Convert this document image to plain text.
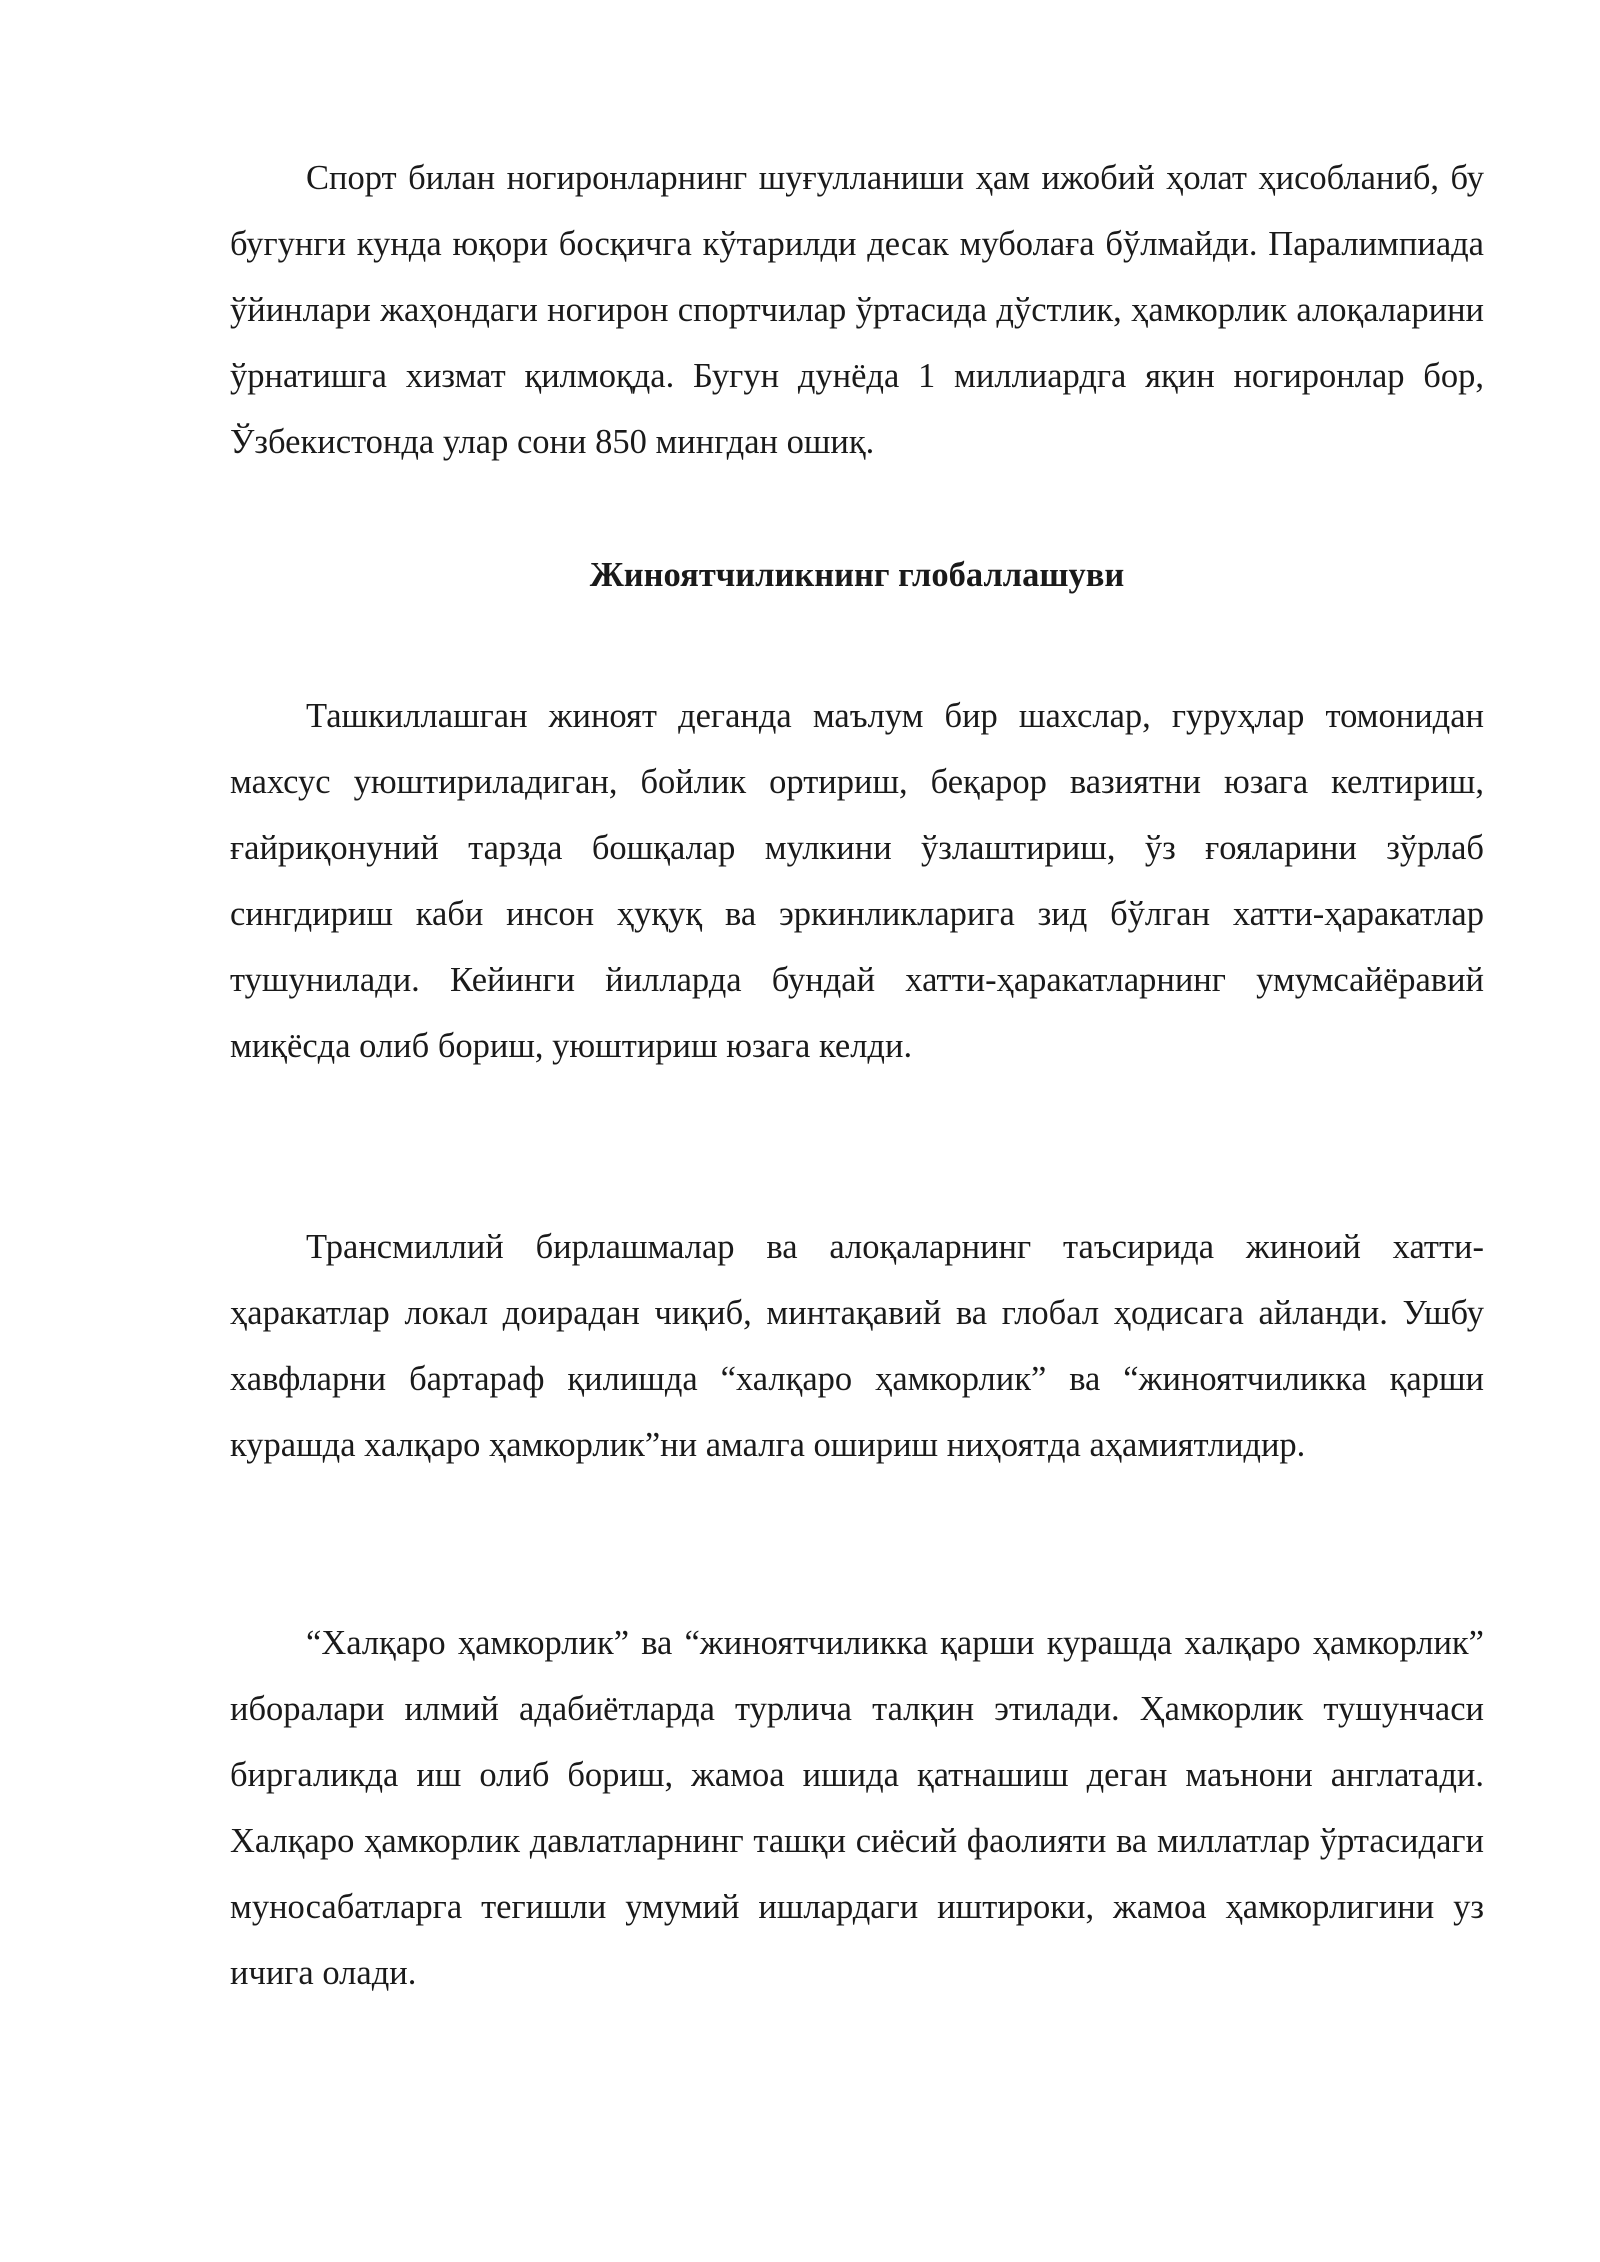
Спорт билан ногиронларнинг шуғулланиши ҳам ижобий ҳолат ҳисобланиб, бу бугунги кунда юқори босқичга кўтарилди десак муболаға бўлмайди. Паралимпиада ўйинлари жаҳондаги ногирон спортчилар ўртасида дўстлик, ҳамкорлик алоқаларини ўрнатишга хизмат қилмоқда. Бугун дунёда 1 миллиардга яқин ногиронлар бор, Ўзбекистонда улар сони 850 мингдан ошиқ.

Жиноятчиликнинг глобаллашуви

Ташкиллашган жиноят деганда маълум бир шахслар, гуруҳлар томонидан махсус уюштириладиган, бойлик ортириш, беқарор вазиятни юзага келтириш, ғайриқонуний тарзда бошқалар мулкини ўзлаштириш, ўз ғояларини зўрлаб сингдириш каби инсон ҳуқуқ ва эркинликларига зид бўлган хатти-ҳаракатлар тушунилади. Кейинги йилларда бундай хатти-ҳаракатларнинг умумсайёравий миқёсда олиб бориш, уюштириш юзага келди.

Трансмиллий бирлашмалар ва алоқаларнинг таъсирида жиноий хатти-ҳаракатлар локал доирадан чиқиб, минтақавий ва глобал ҳодисага айланди. Ушбу хавфларни бартараф қилишда “халқаро ҳамкорлик” ва “жиноятчиликка қарши курашда халқаро ҳамкорлик”ни амалга ошириш ниҳоятда аҳамиятлидир.

“Халқаро ҳамкорлик” ва “жиноятчиликка қарши курашда халқаро ҳамкорлик” иборалари илмий адабиётларда турлича талқин этилади. Ҳамкорлик тушунчаси биргаликда иш олиб бориш, жамоа ишида қатнашиш деган маънони англатади. Халқаро ҳамкорлик давлатларнинг ташқи сиёсий фаолияти ва миллатлар ўртасидаги муносабатларга тегишли умумий ишлардаги иштироки, жамоа ҳамкорлигини уз ичига олади.
